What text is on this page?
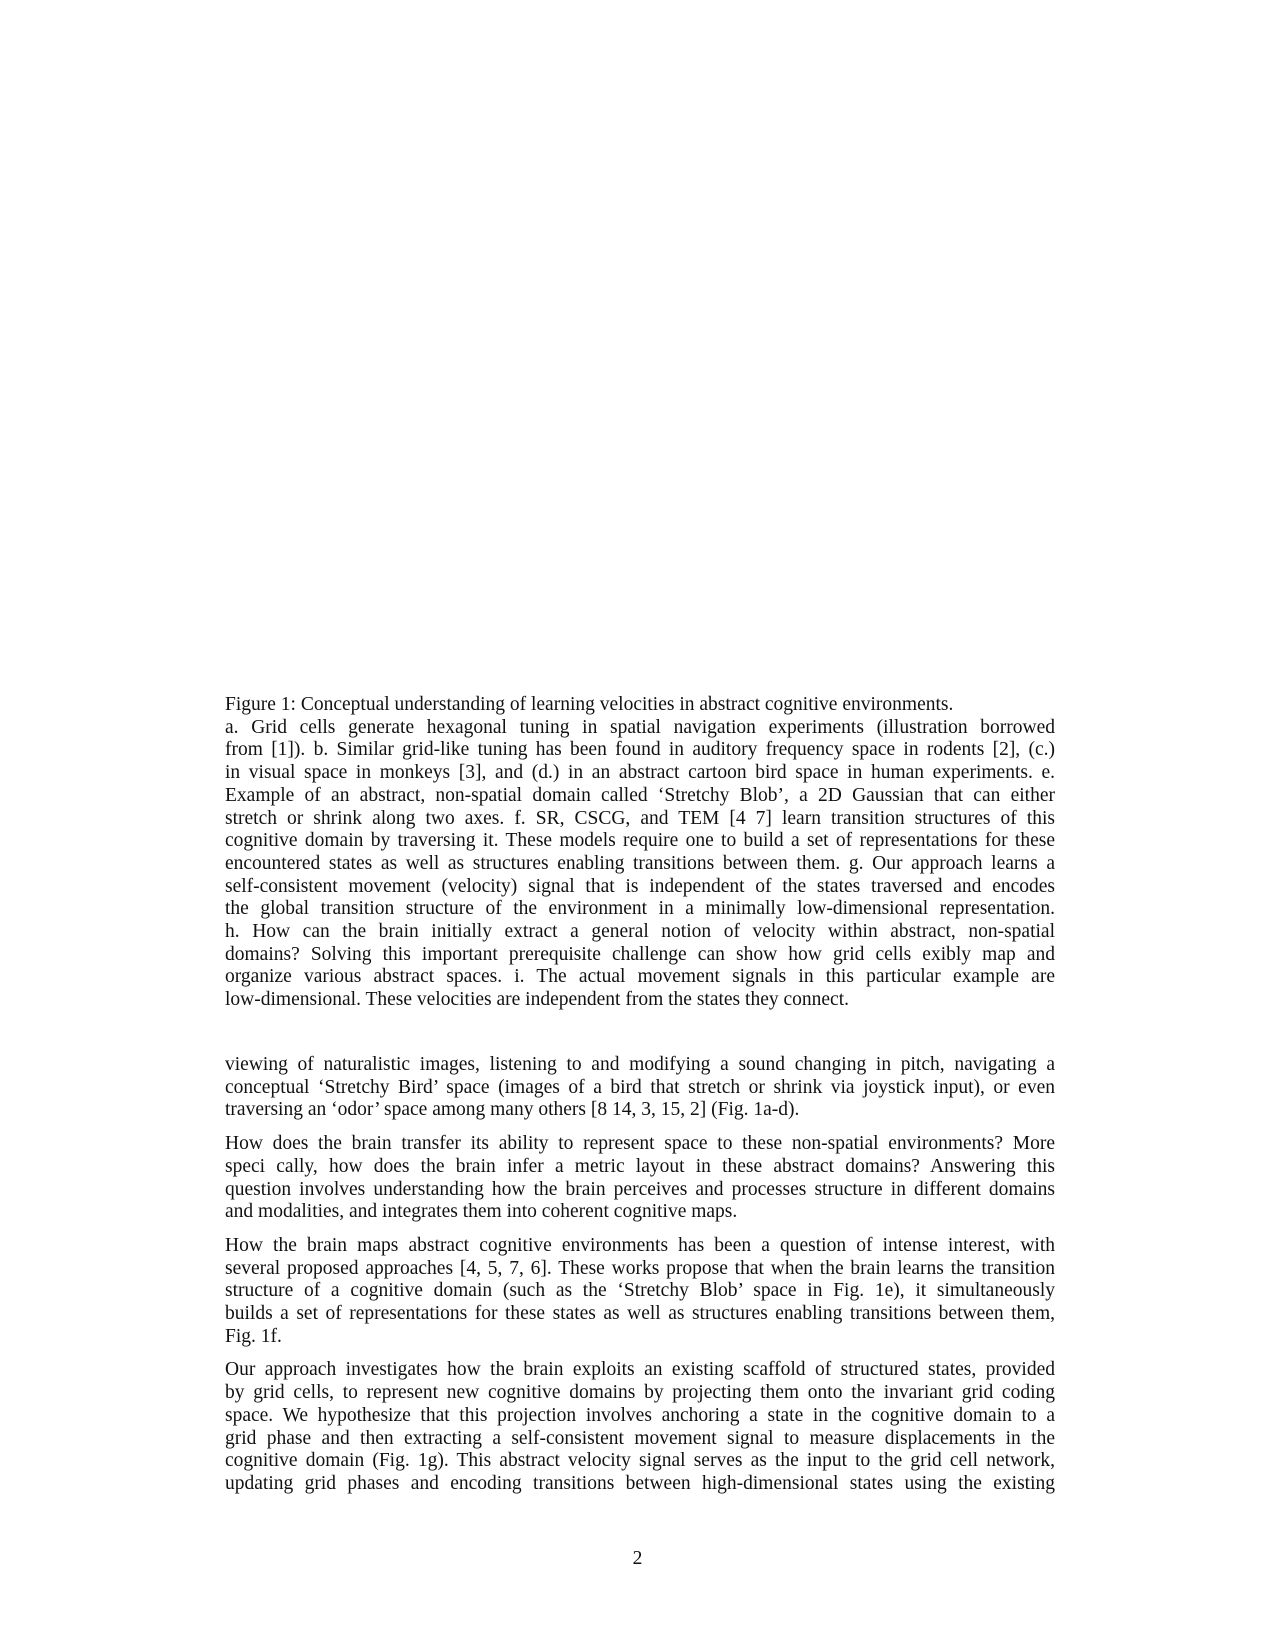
Figure 1: Conceptual understanding of learning velocities in abstract cognitive environments.
a. Grid cells generate hexagonal tuning in spatial navigation experiments (illustration borrowed
from [1]). b. Similar grid-like tuning has been found in auditory frequency space in rodents [2], (c.)
in visual space in monkeys [3], and (d.) in an abstract cartoon bird space in human experiments. e.
Example of an abstract, non-spatial domain called ‘Stretchy Blob’, a 2D Gaussian that can either
stretch or shrink along two axes. f. SR, CSCG, and TEM [4 7] learn transition structures of this
cognitive domain by traversing it. These models require one to build a set of representations for these
encountered states as well as structures enabling transitions between them. g. Our approach learns a
self-consistent movement (velocity) signal that is independent of the states traversed and encodes
the global transition structure of the environment in a minimally low-dimensional representation.
h. How can the brain initially extract a general notion of velocity within abstract, non-spatial
domains? Solving this important prerequisite challenge can show how grid cells exibly map and
organize various abstract spaces. i. The actual movement signals in this particular example are
low-dimensional. These velocities are independent from the states they connect.
viewing of naturalistic images, listening to and modifying a sound changing in pitch, navigating a
conceptual ‘Stretchy Bird’ space (images of a bird that stretch or shrink via joystick input), or even
traversing an ‘odor’ space among many others [8 14, 3, 15, 2] (Fig. 1a-d).
How does the brain transfer its ability to represent space to these non-spatial environments? More
speci cally, how does the brain infer a metric layout in these abstract domains? Answering this
question involves understanding how the brain perceives and processes structure in different domains
and modalities, and integrates them into coherent cognitive maps.
How the brain maps abstract cognitive environments has been a question of intense interest, with
several proposed approaches [4, 5, 7, 6]. These works propose that when the brain learns the transition
structure of a cognitive domain (such as the ‘Stretchy Blob’ space in Fig. 1e), it simultaneously
builds a set of representations for these states as well as structures enabling transitions between them,
Fig. 1f.
Our approach investigates how the brain exploits an existing scaffold of structured states, provided
by grid cells, to represent new cognitive domains by projecting them onto the invariant grid coding
space. We hypothesize that this projection involves anchoring a state in the cognitive domain to a
grid phase and then extracting a self-consistent movement signal to measure displacements in the
cognitive domain (Fig. 1g). This abstract velocity signal serves as the input to the grid cell network,
updating grid phases and encoding transitions between high-dimensional states using the existing
2
